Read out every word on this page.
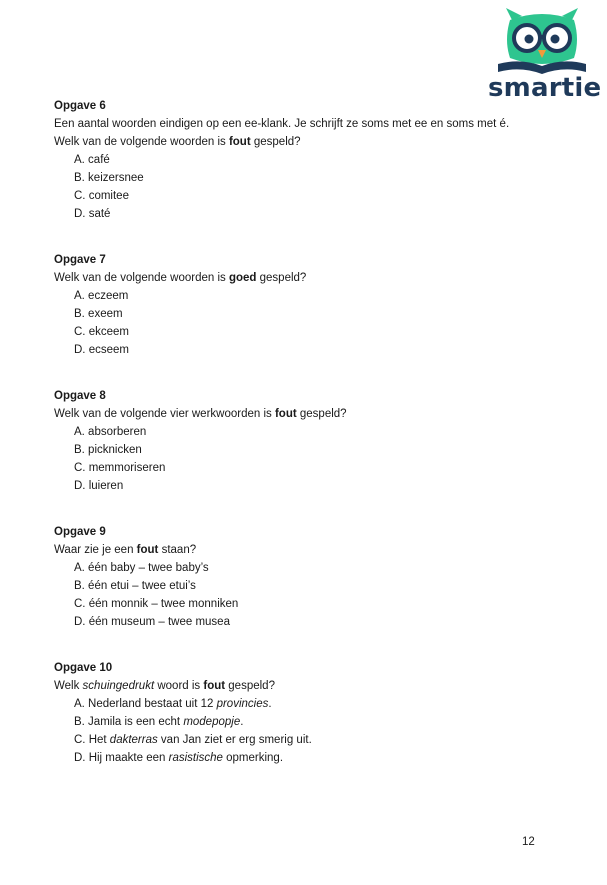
smartie
Opgave 6
Een aantal woorden eindigen op een ee-klank. Je schrijft ze soms met ee en soms met é.
Welk van de volgende woorden is fout gespeld?
A. café
B. keizersnee
C. comitee
D. saté
Opgave 7
Welk van de volgende woorden is goed gespeld?
A. eczeem
B. exeem
C. ekceem
D. ecseem
Opgave 8
Welk van de volgende vier werkwoorden is fout gespeld?
A. absorberen
B. picknicken
C. memmoriseren
D. luieren
Opgave 9
Waar zie je een fout staan?
A. één baby – twee baby’s
B. één etui – twee etui’s
C. één monnik – twee monniken
D. één museum – twee musea
Opgave 10
Welk schuingedrukt woord is fout gespeld?
A. Nederland bestaat uit 12 provincies.
B. Jamila is een echt modepopje.
C. Het dakterras van Jan ziet er erg smerig uit.
D. Hij maakte een rasistische opmerking.
12
